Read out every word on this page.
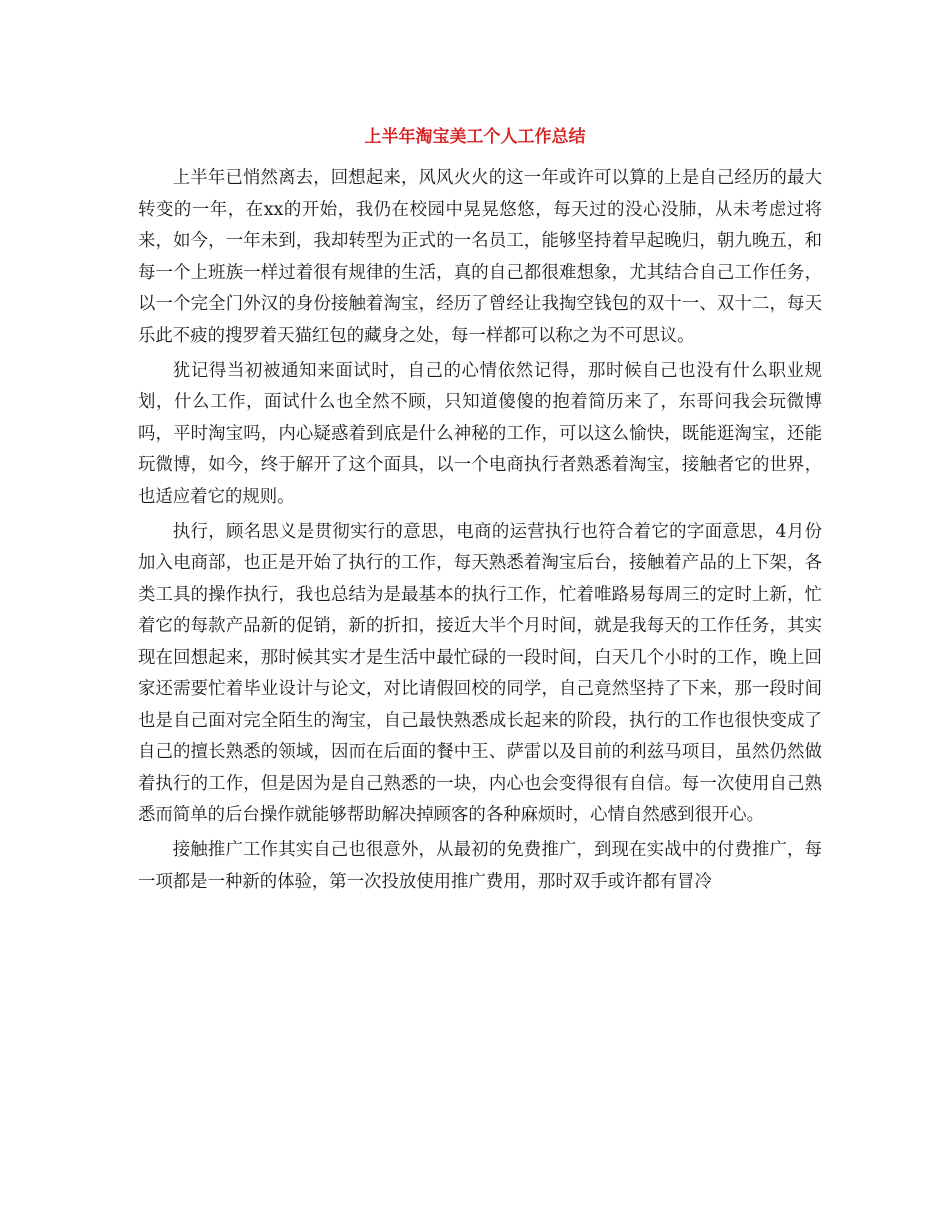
上半年淘宝美工个人工作总结

上半年已悄然离去，回想起来，风风火火的这一年或许可以算的上是自己经历的最大转变的一年，在xx的开始，我仍在校园中晃晃悠悠，每天过的没心没肺，从未考虑过将来，如今，一年未到，我却转型为正式的一名员工，能够坚持着早起晚归，朝九晚五，和每一个上班族一样过着很有规律的生活，真的自己都很难想象，尤其结合自己工作任务，以一个完全门外汉的身份接触着淘宝，经历了曾经让我掏空钱包的双十一、双十二，每天乐此不疲的搜罗着天猫红包的藏身之处，每一样都可以称之为不可思议。

犹记得当初被通知来面试时，自己的心情依然记得，那时候自己也没有什么职业规划，什么工作，面试什么也全然不顾，只知道傻傻的抱着简历来了，东哥问我会玩微博吗，平时淘宝吗，内心疑惑着到底是什么神秘的工作，可以这么愉快，既能逛淘宝，还能玩微博，如今，终于解开了这个面具，以一个电商执行者熟悉着淘宝，接触者它的世界，也适应着它的规则。

执行，顾名思义是贯彻实行的意思，电商的运营执行也符合着它的字面意思，4月份加入电商部，也正是开始了执行的工作，每天熟悉着淘宝后台，接触着产品的上下架，各类工具的操作执行，我也总结为是最基本的执行工作，忙着唯路易每周三的定时上新，忙着它的每款产品新的促销，新的折扣，接近大半个月时间，就是我每天的工作任务，其实现在回想起来，那时候其实才是生活中最忙碌的一段时间，白天几个小时的工作，晚上回家还需要忙着毕业设计与论文，对比请假回校的同学，自己竟然坚持了下来，那一段时间也是自己面对完全陌生的淘宝，自己最快熟悉成长起来的阶段，执行的工作也很快变成了自己的擅长熟悉的领域，因而在后面的餐中王、萨雷以及目前的利兹马项目，虽然仍然做着执行的工作，但是因为是自己熟悉的一块，内心也会变得很有自信。每一次使用自己熟悉而简单的后台操作就能够帮助解决掉顾客的各种麻烦时，心情自然感到很开心。

接触推广工作其实自己也很意外，从最初的免费推广，到现在实战中的付费推广，每一项都是一种新的体验，第一次投放使用推广费用，那时双手或许都有冒冷
